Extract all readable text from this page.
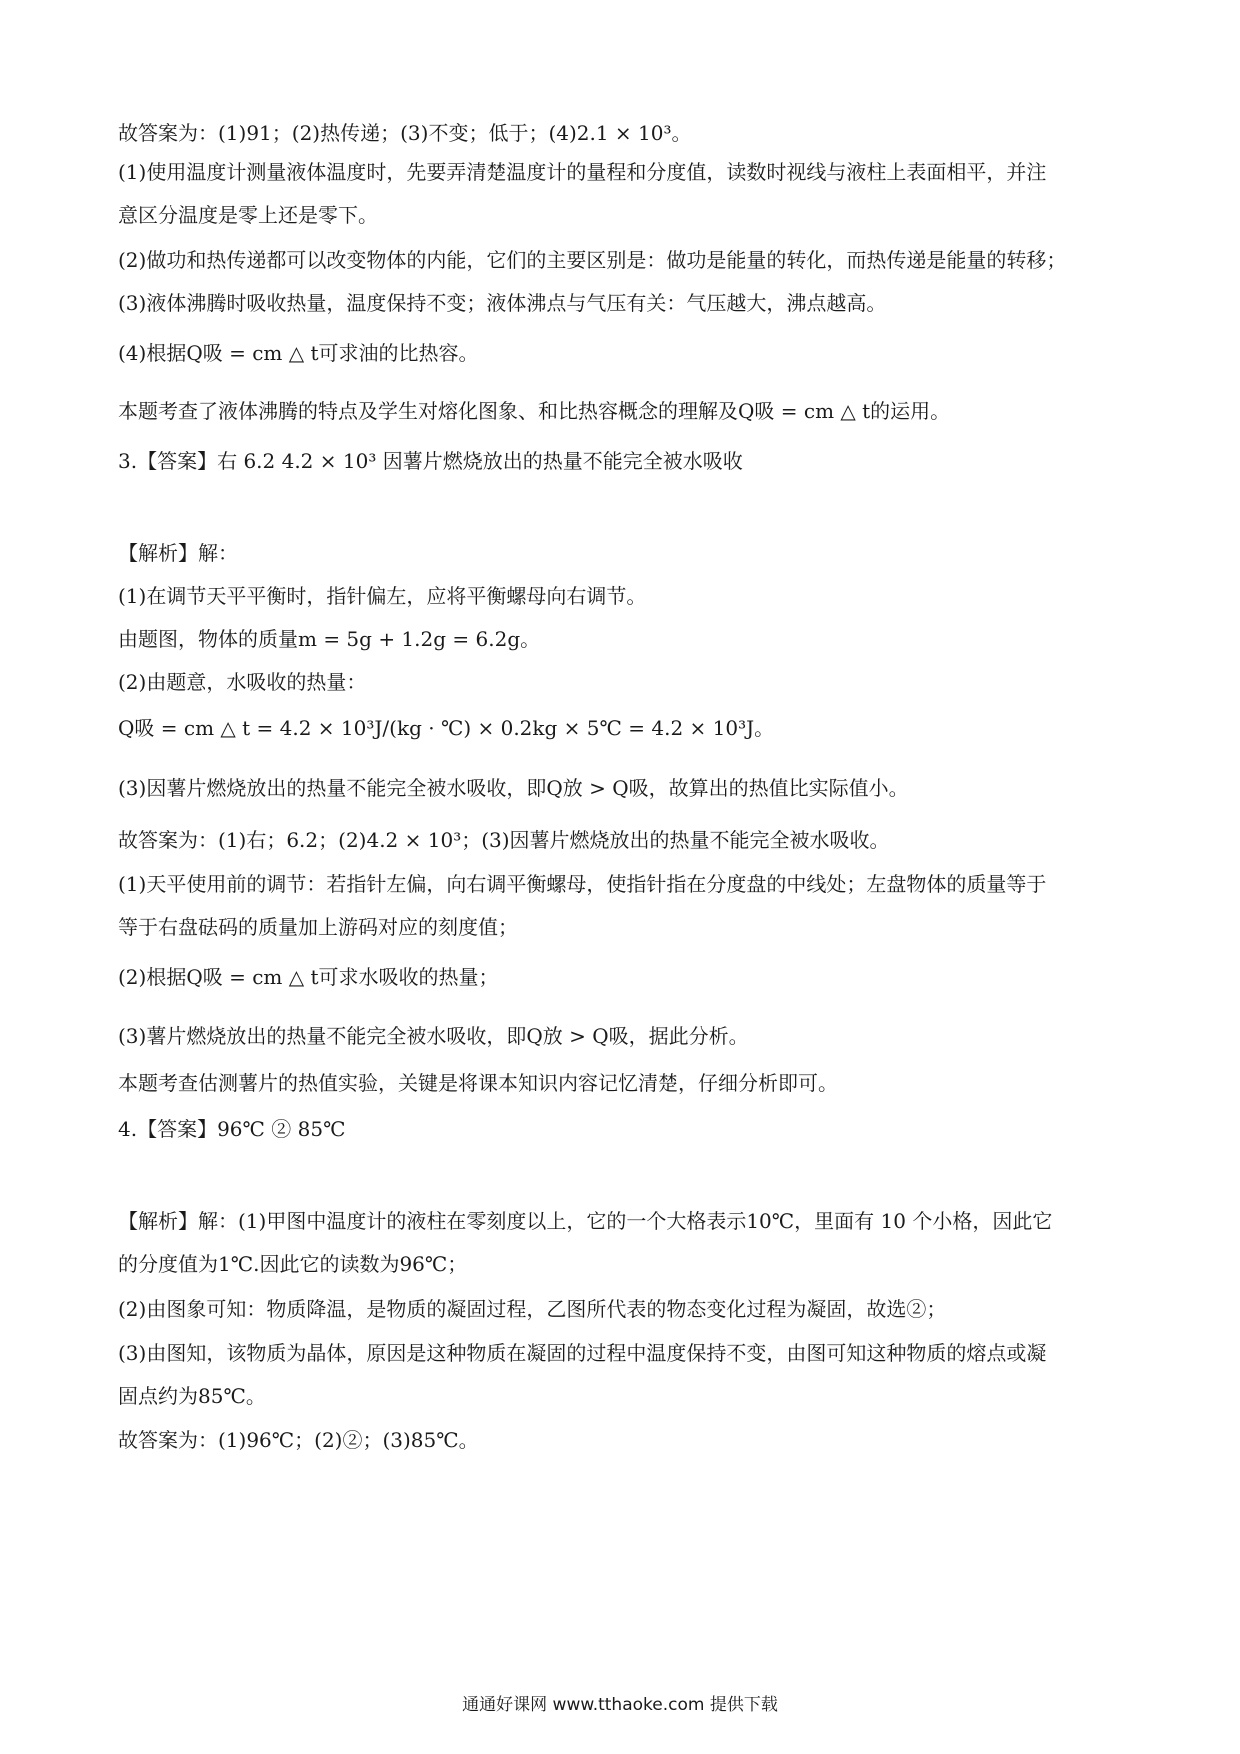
故答案为：(1)91；(2)热传递；(3)不变；低于；(4)2.1 × 10³。
(1)使用温度计测量液体温度时，先要弄清楚温度计的量程和分度值，读数时视线与液柱上表面相平，并注
意区分温度是零上还是零下。
(2)做功和热传递都可以改变物体的内能，它们的主要区别是：做功是能量的转化，而热传递是能量的转移；
(3)液体沸腾时吸收热量，温度保持不变；液体沸点与气压有关：气压越大，沸点越高。
(4)根据Q吸 = cm △ t可求油的比热容。
本题考查了液体沸腾的特点及学生对熔化图象、和比热容概念的理解及Q吸 = cm △ t的运用。
3.【答案】右 6.2 4.2 × 10³ 因薯片燃烧放出的热量不能完全被水吸收
【解析】解：
(1)在调节天平平衡时，指针偏左，应将平衡螺母向右调节。
由题图，物体的质量m = 5g + 1.2g = 6.2g。
(2)由题意，水吸收的热量：
Q吸 = cm △ t = 4.2 × 10³J/(kg · ℃) × 0.2kg × 5℃ = 4.2 × 10³J。
(3)因薯片燃烧放出的热量不能完全被水吸收，即Q放 > Q吸，故算出的热值比实际值小。
故答案为：(1)右；6.2；(2)4.2 × 10³；(3)因薯片燃烧放出的热量不能完全被水吸收。
(1)天平使用前的调节：若指针左偏，向右调平衡螺母，使指针指在分度盘的中线处；左盘物体的质量等于
等于右盘砝码的质量加上游码对应的刻度值；
(2)根据Q吸 = cm △ t可求水吸收的热量；
(3)薯片燃烧放出的热量不能完全被水吸收，即Q放 > Q吸，据此分析。
本题考查估测薯片的热值实验，关键是将课本知识内容记忆清楚，仔细分析即可。
4.【答案】96℃ ② 85℃
【解析】解：(1)甲图中温度计的液柱在零刻度以上，它的一个大格表示10℃，里面有 10 个小格，因此它
的分度值为1℃.因此它的读数为96℃；
(2)由图象可知：物质降温，是物质的凝固过程，乙图所代表的物态变化过程为凝固，故选②；
(3)由图知，该物质为晶体，原因是这种物质在凝固的过程中温度保持不变，由图可知这种物质的熔点或凝
固点约为85℃。
故答案为：(1)96℃；(2)②；(3)85℃。
通通好课网 www.tthaoke.com 提供下载
